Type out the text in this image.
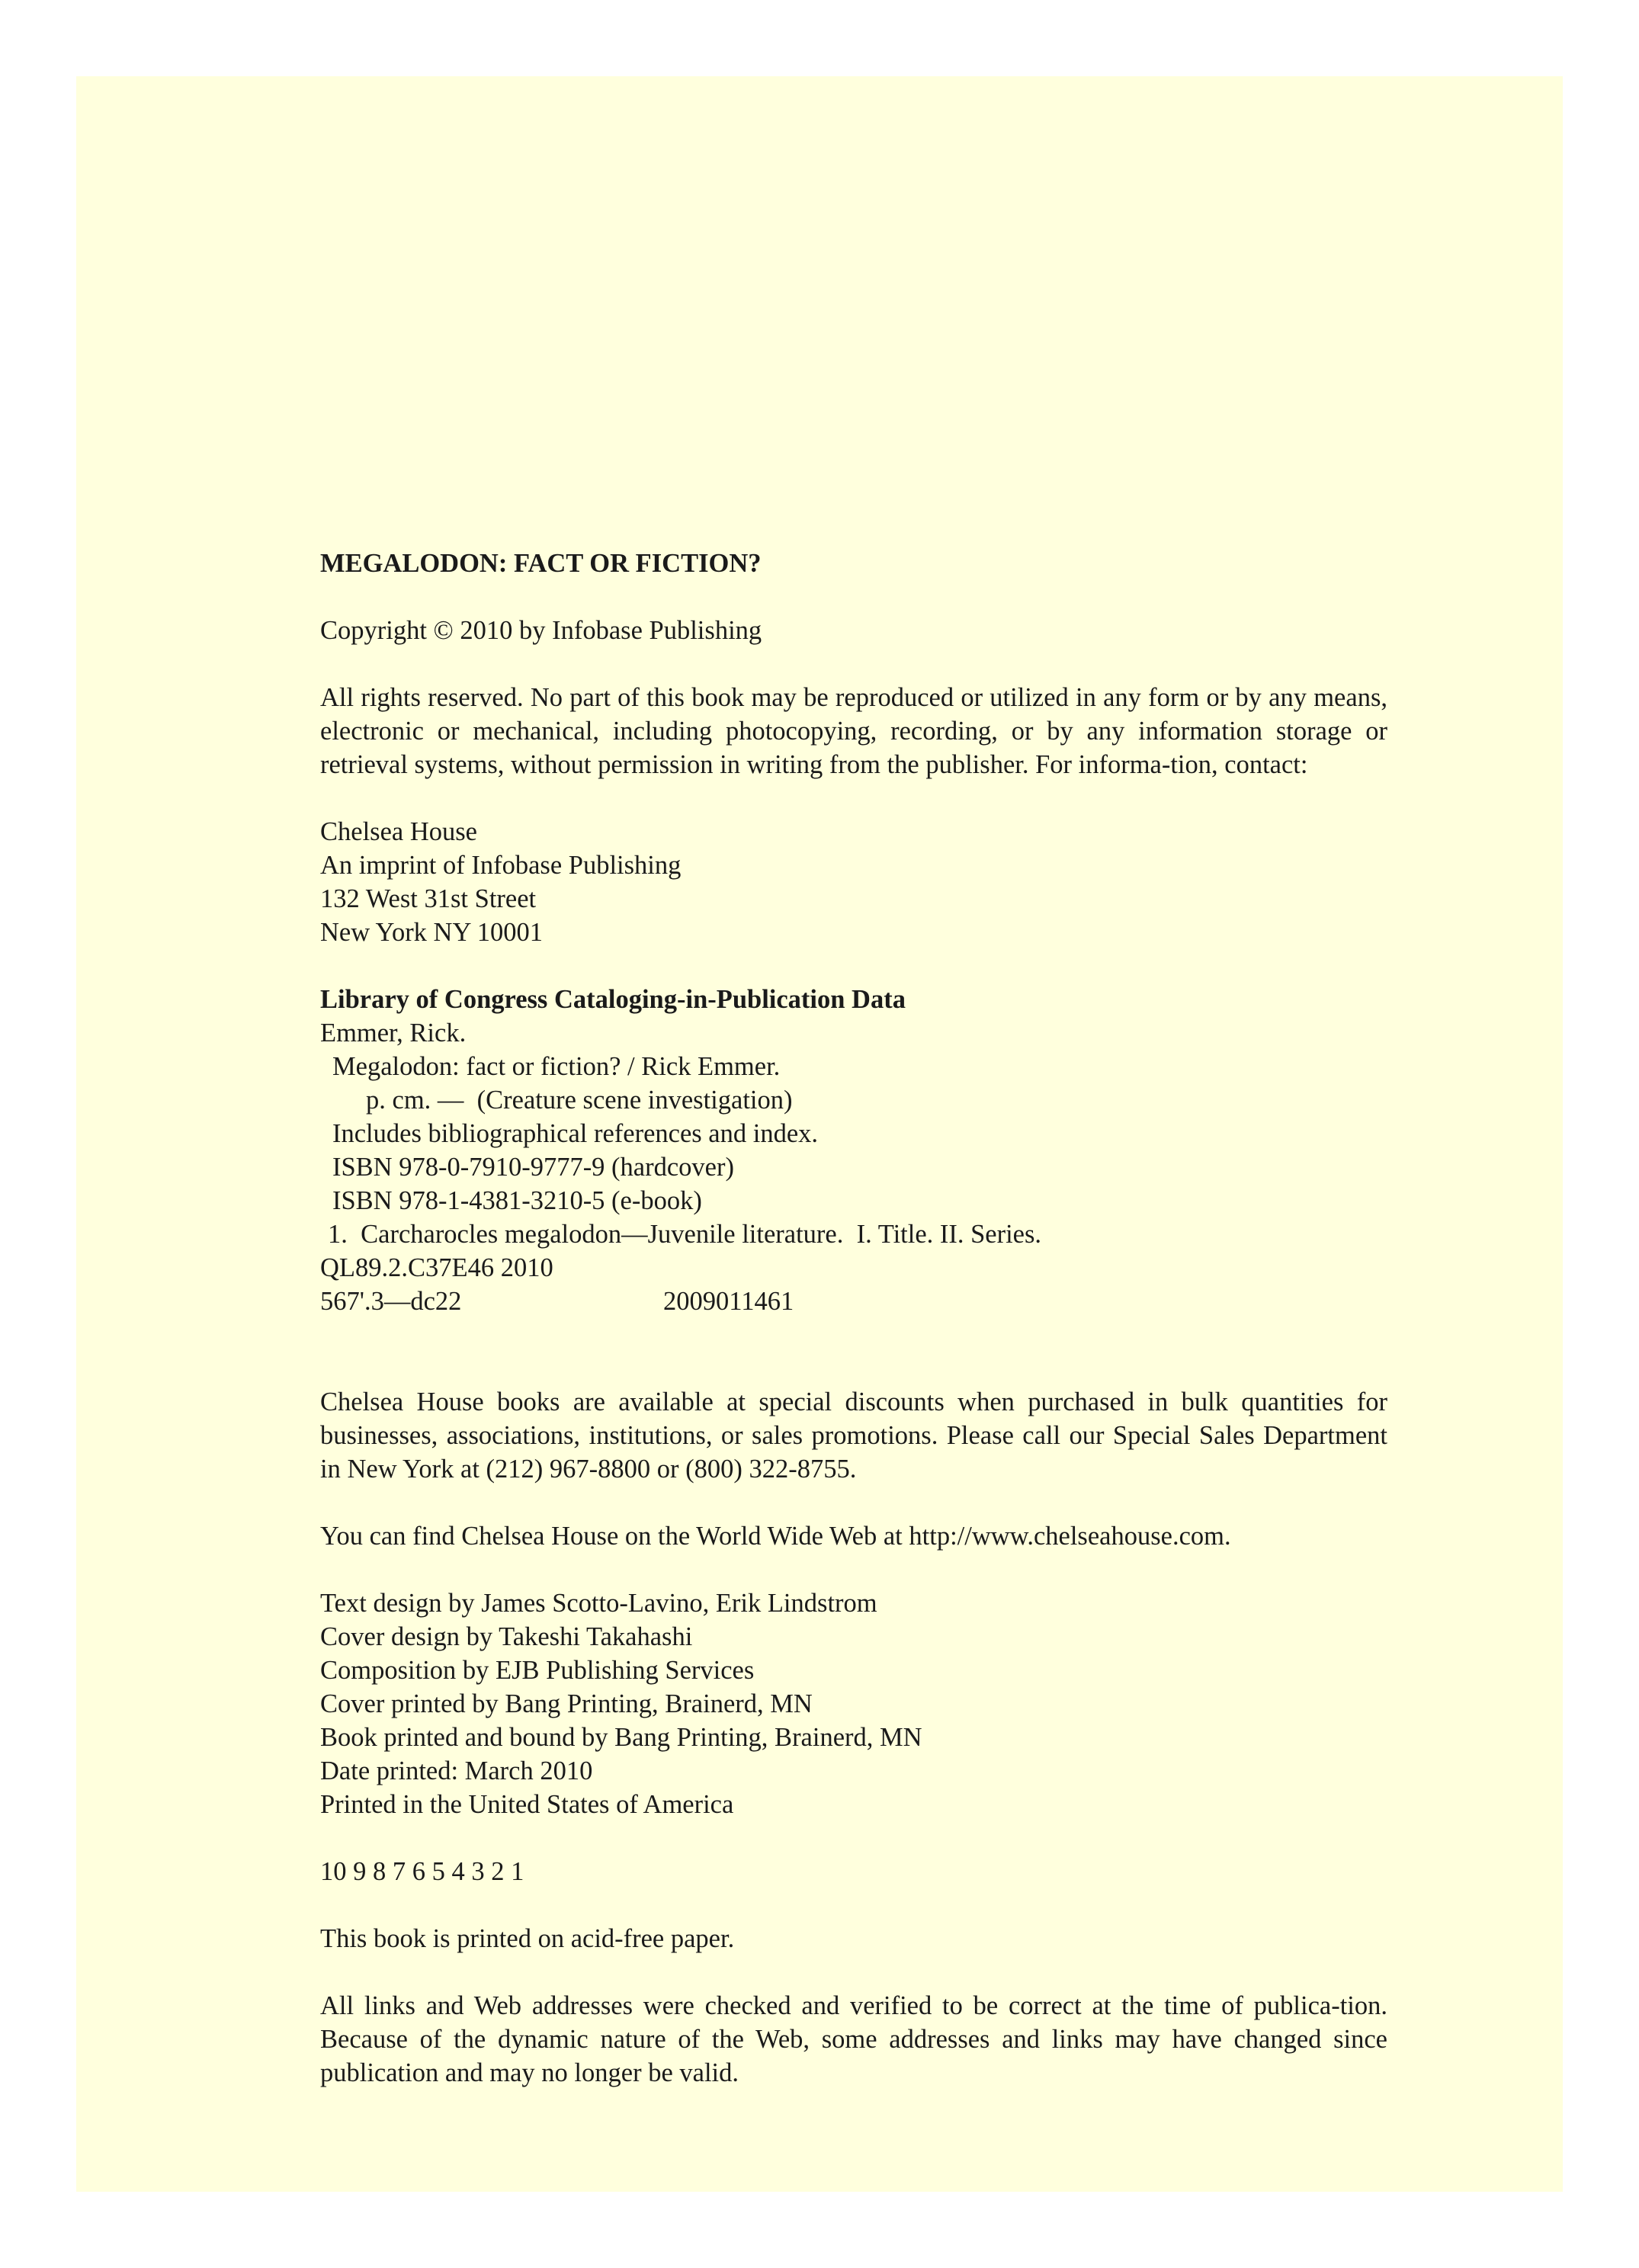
MEGALODON: FACT OR FICTION?

Copyright © 2010 by Infobase Publishing

All rights reserved. No part of this book may be reproduced or utilized in any form or by any means, electronic or mechanical, including photocopying, recording, or by any information storage or retrieval systems, without permission in writing from the publisher. For informa-tion, contact:

Chelsea House
An imprint of Infobase Publishing
132 West 31st Street
New York NY 10001
Library of Congress Cataloging-in-Publication Data
Emmer, Rick.
Megalodon: fact or fiction? / Rick Emmer.
p. cm. —  (Creature scene investigation)
Includes bibliographical references and index.
ISBN 978-0-7910-9777-9 (hardcover)
ISBN 978-1-4381-3210-5 (e-book)
1.  Carcharocles megalodon—Juvenile literature.  I. Title. II. Series.
QL89.2.C37E46 2010
567'.3—dc22	2009011461

Chelsea House books are available at special discounts when purchased in bulk quantities for businesses, associations, institutions, or sales promotions. Please call our Special Sales Department in New York at (212) 967-8800 or (800) 322-8755.

You can find Chelsea House on the World Wide Web at http://www.chelseahouse.com.

Text design by James Scotto-Lavino, Erik Lindstrom
Cover design by Takeshi Takahashi
Composition by EJB Publishing Services
Cover printed by Bang Printing, Brainerd, MN
Book printed and bound by Bang Printing, Brainerd, MN
Date printed: March 2010
Printed in the United States of America

10 9 8 7 6 5 4 3 2 1

This book is printed on acid-free paper.

All links and Web addresses were checked and verified to be correct at the time of publica-tion. Because of the dynamic nature of the Web, some addresses and links may have changed since publication and may no longer be valid.
